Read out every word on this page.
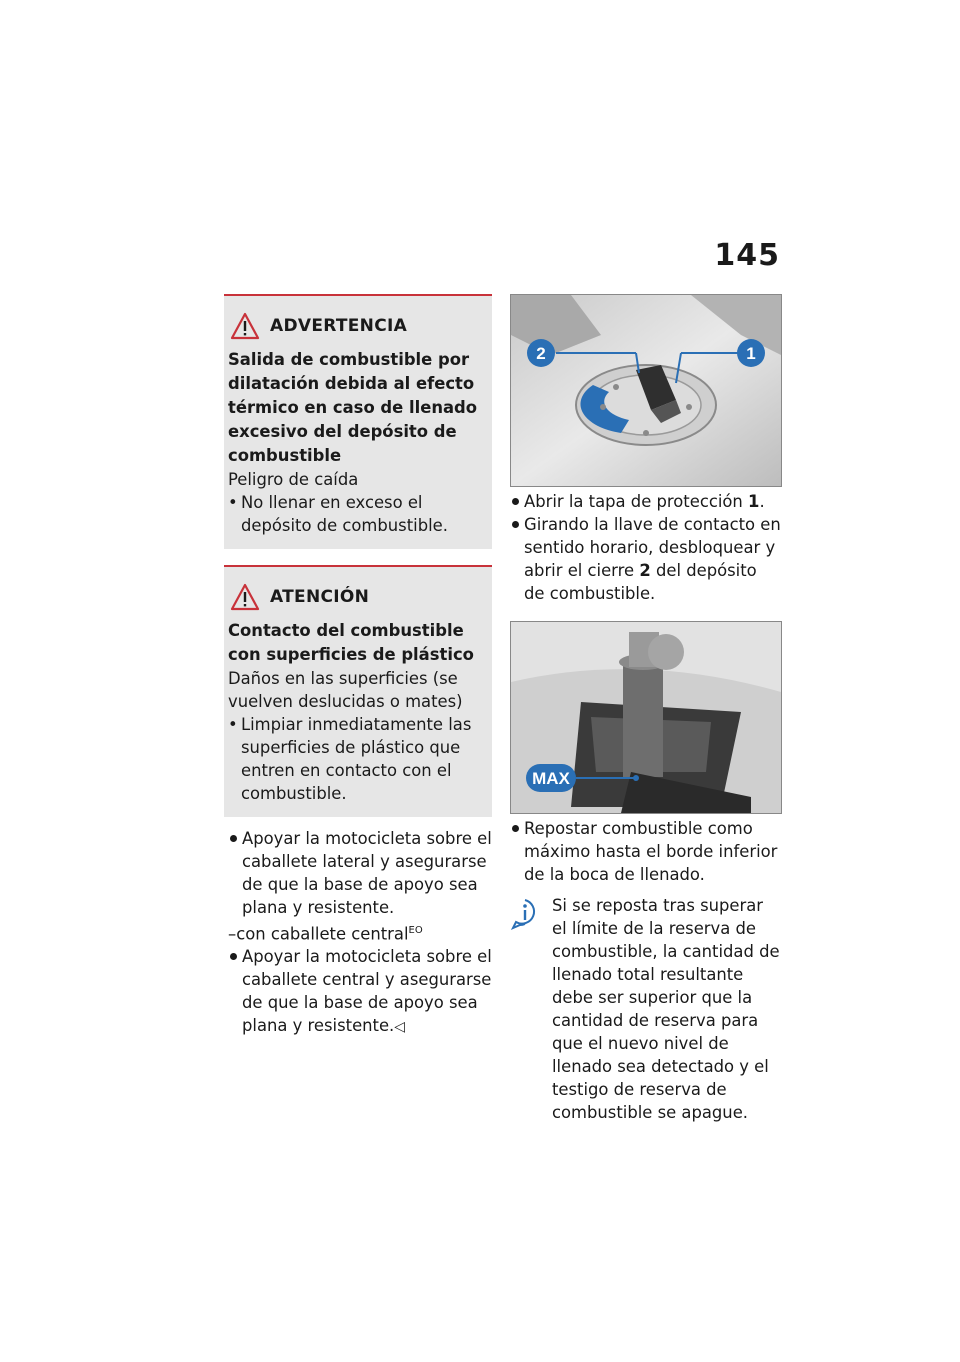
145
ADVERTENCIA
Salida de combustible por dilatación debida al efecto térmico en caso de llenado excesivo del depósito de combustible
Peligro de caída
• No llenar en exceso el depósito de combustible.
ATENCIÓN
Contacto del combustible con superficies de plástico
Daños en las superficies (se vuelven deslucidas o mates)
• Limpiar inmediatamente las superficies de plástico que entren en contacto con el combustible.
Apoyar la motocicleta sobre el caballete lateral y asegurarse de que la base de apoyo sea plana y resistente.
–con caballete central$^{EO}$
Apoyar la motocicleta sobre el caballete central y asegurarse de que la base de apoyo sea plana y resistente.◁
2	1
Abrir la tapa de protección 1.
Girando la llave de contacto en sentido horario, desbloquear y abrir el cierre 2 del depósito de combustible.
MAX
Repostar combustible como máximo hasta el borde inferior de la boca de llenado.
Si se reposta tras superar el límite de la reserva de combustible, la cantidad de llenado total resultante debe ser superior que la cantidad de reserva para que el nuevo nivel de llenado sea detectado y el testigo de reserva de combustible se apague.
